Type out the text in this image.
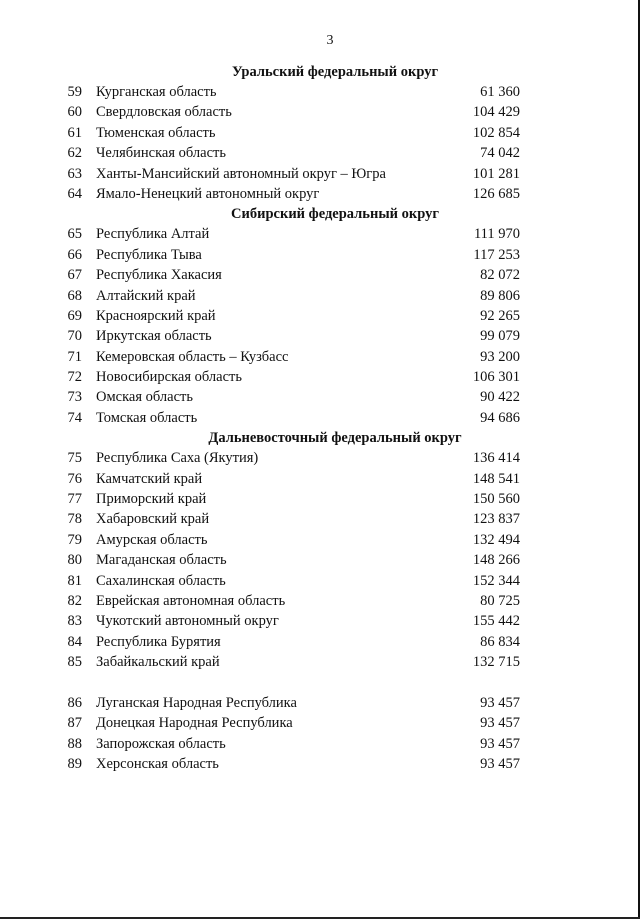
3
Уральский федеральный округ
59 Курганская область	61 360
60 Свердловская область	104 429
61 Тюменская область	102 854
62 Челябинская область	74 042
63 Ханты-Мансийский автономный округ – Югра	101 281
64 Ямало-Ненецкий автономный округ	126 685
Сибирский федеральный округ
65 Республика Алтай	111 970
66 Республика Тыва	117 253
67 Республика Хакасия	82 072
68 Алтайский край	89 806
69 Красноярский край	92 265
70 Иркутская область	99 079
71 Кемеровская область – Кузбасс	93 200
72 Новосибирская область	106 301
73 Омская область	90 422
74 Томская область	94 686
Дальневосточный федеральный округ
75 Республика Саха (Якутия)	136 414
76 Камчатский край	148 541
77 Приморский край	150 560
78 Хабаровский край	123 837
79 Амурская область	132 494
80 Магаданская область	148 266
81 Сахалинская область	152 344
82 Еврейская автономная область	80 725
83 Чукотский автономный округ	155 442
84 Республика Бурятия	86 834
85 Забайкальский край	132 715
86 Луганская Народная Республика	93 457
87 Донецкая Народная Республика	93 457
88 Запорожская область	93 457
89 Херсонская область	93 457
